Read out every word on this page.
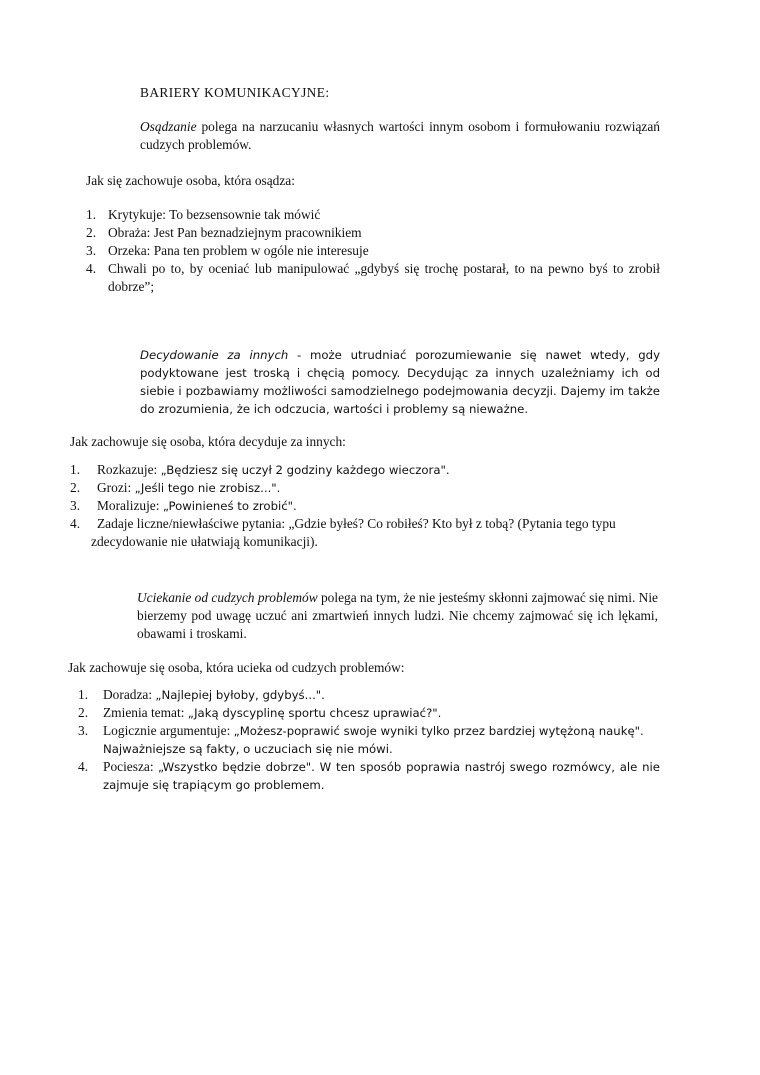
BARIERY KOMUNIKACYJNE:
Osądzanie polega na narzucaniu własnych wartości innym osobom i formułowaniu rozwiązań cudzych problemów.
Jak się zachowuje osoba, która osądza:
1. Krytykuje: To bezsensownie tak mówić
2. Obraża: Jest Pan beznadziejnym pracownikiem
3. Orzeka: Pana ten problem w ogóle nie interesuje
4. Chwali po to, by oceniać lub manipulować „gdybyś się trochę postarał, to na pewno byś to zrobił dobrze”;
Decydowanie za innych - może utrudniać porozumiewanie się nawet wtedy, gdy podyktowane jest troską i chęcią pomocy. Decydując za innych uzależniamy ich od siebie i pozbawiamy możliwości samodzielnego podejmowania decyzji. Dajemy im także do zrozumienia, że ich odczucia, wartości i problemy są nieważne.
Jak zachowuje się osoba, która decyduje za innych:
1. Rozkazuje: „Będziesz się uczył 2 godziny każdego wieczora".
2. Grozi: „Jeśli tego nie zrobisz...".
3. Moralizuje: „Powinieneś to zrobić".
4. Zadaje liczne/niewłaściwe pytania: „Gdzie byłeś? Co robiłeś? Kto był z tobą? (Pytania tego typu
zdecydowanie nie ułatwiają komunikacji).
Uciekanie od cudzych problemów polega na tym, że nie jesteśmy skłonni zajmować się nimi. Nie bierzemy pod uwagę uczuć ani zmartwień innych ludzi. Nie chcemy zajmować się ich lękami, obawami i troskami.
Jak zachowuje się osoba, która ucieka od cudzych problemów:
1. Doradza: „Najlepiej byłoby, gdybyś...".
2. Zmienia temat: „Jaką dyscyplinę sportu chcesz uprawiać?".
3. Logicznie argumentuje: „Możesz-poprawić swoje wyniki tylko przez bardziej wytężoną naukę".
Najważniejsze są fakty, o uczuciach się nie mówi.
4. Pociesza: „Wszystko będzie dobrze". W ten sposób poprawia nastrój swego rozmówcy, ale nie zajmuje się trapiącym go problemem.
